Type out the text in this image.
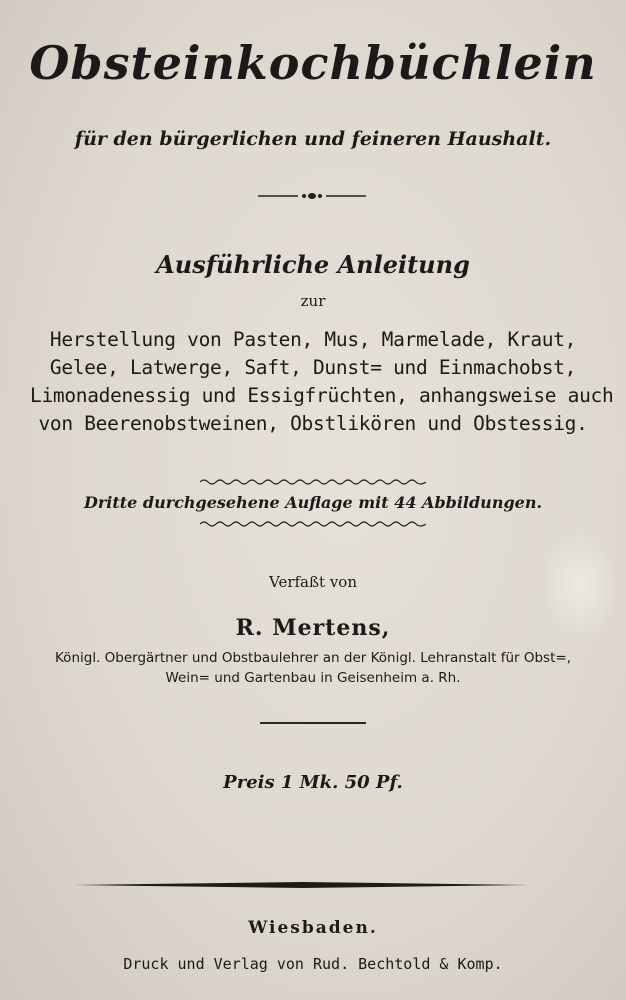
Obsteinkochbüchlein
für den bürgerlichen und feineren Haushalt.
Ausführliche Anleitung
zur
Herstellung von Pasten, Mus, Marmelade, Kraut,
Gelee, Latwerge, Saft, Dunst= und Einmachobst,
Limonadenessig und Essigfrüchten, anhangsweise auch
von Beerenobstweinen, Obstlikören und Obstessig.
Dritte durchgesehene Auflage mit 44 Abbildungen.
Verfaßt von
R. Mertens,
Königl. Obergärtner und Obstbaulehrer an der Königl. Lehranstalt für Obst=,
Wein= und Gartenbau in Geisenheim a. Rh.
Preis 1 Mk. 50 Pf.
Wiesbaden.
Druck und Verlag von Rud. Bechtold & Komp.
